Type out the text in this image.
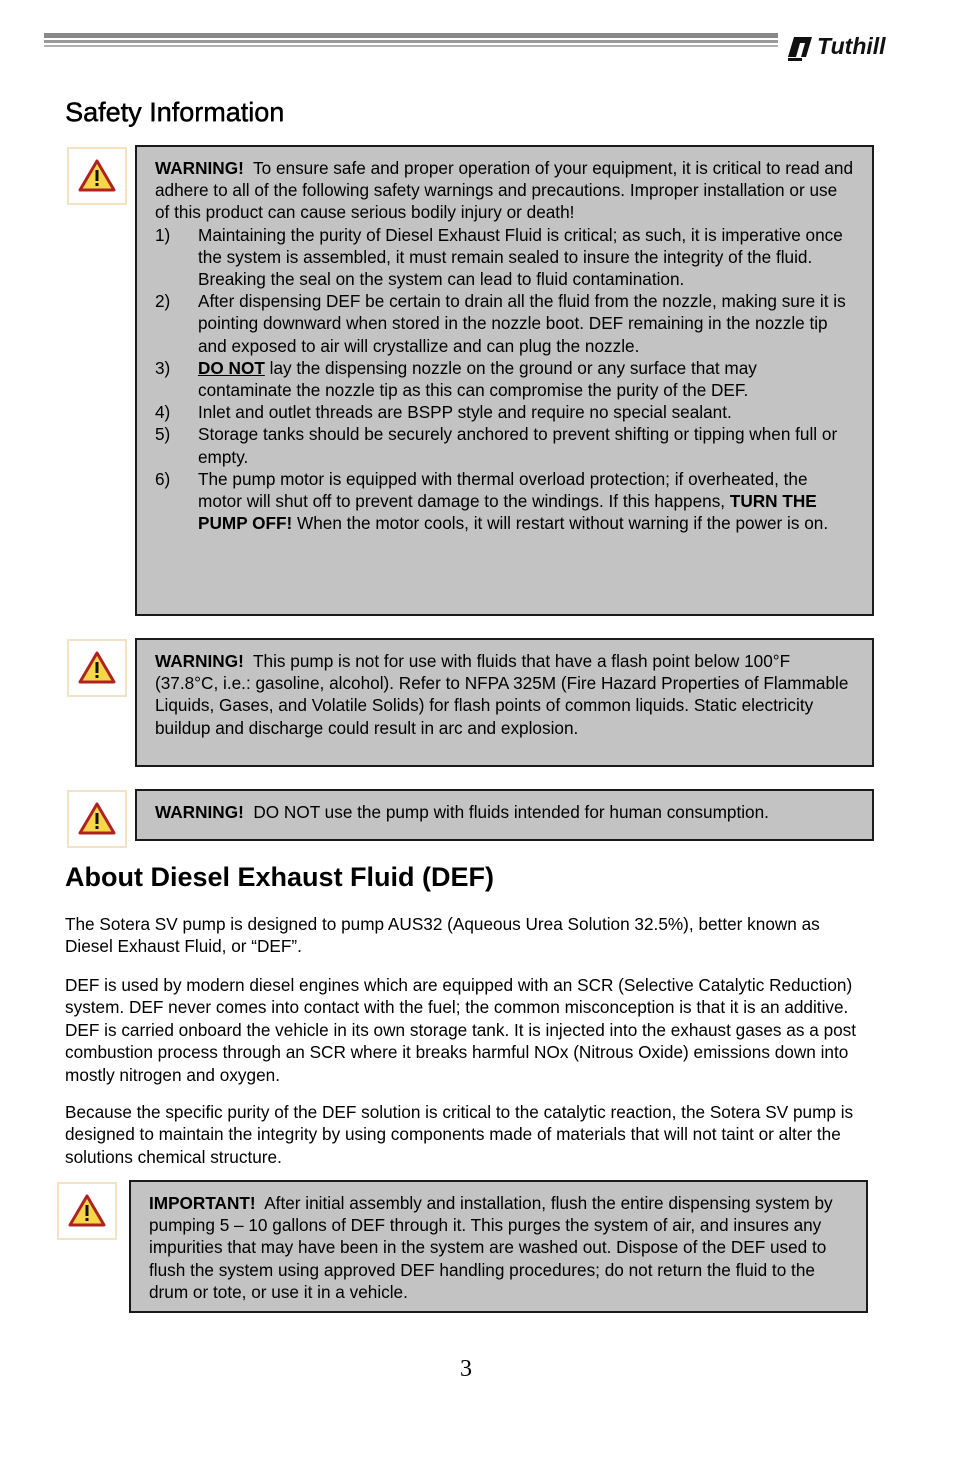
Tuthill
Safety Information

WARNING! To ensure safe and proper operation of your equipment, it is critical to read and adhere to all of the following safety warnings and precautions. Improper installation or use of this product can cause serious bodily injury or death!

1)	Maintaining the purity of Diesel Exhaust Fluid is critical; as such, it is imperative once the system is assembled, it must remain sealed to insure the integrity of the fluid. Breaking the seal on the system can lead to fluid contamination.
2)	After dispensing DEF be certain to drain all the fluid from the nozzle, making sure it is pointing downward when stored in the nozzle boot. DEF remaining in the nozzle tip and exposed to air will crystallize and can plug the nozzle.
3)	DO NOT lay the dispensing nozzle on the ground or any surface that may contaminate the nozzle tip as this can compromise the purity of the DEF.
4)	Inlet and outlet threads are BSPP style and require no special sealant.
5)	Storage tanks should be securely anchored to prevent shifting or tipping when full or empty.
6)	The pump motor is equipped with thermal overload protection; if overheated, the motor will shut off to prevent damage to the windings. If this happens, TURN THE PUMP OFF! When the motor cools, it will restart without warning if the power is on.

WARNING! This pump is not for use with fluids that have a flash point below 100°F (37.8°C, i.e.: gasoline, alcohol). Refer to NFPA 325M (Fire Hazard Properties of Flammable Liquids, Gases, and Volatile Solids) for flash points of common liquids. Static electricity buildup and discharge could result in arc and explosion.

WARNING! DO NOT use the pump with fluids intended for human consumption.

About Diesel Exhaust Fluid (DEF)

The Sotera SV pump is designed to pump AUS32 (Aqueous Urea Solution 32.5%), better known as Diesel Exhaust Fluid, or “DEF”.

DEF is used by modern diesel engines which are equipped with an SCR (Selective Catalytic Reduction) system. DEF never comes into contact with the fuel; the common misconception is that it is an additive. DEF is carried onboard the vehicle in its own storage tank. It is injected into the exhaust gases as a post combustion process through an SCR where it breaks harmful NOx (Nitrous Oxide) emissions down into mostly nitrogen and oxygen.

Because the specific purity of the DEF solution is critical to the catalytic reaction, the Sotera SV pump is designed to maintain the integrity by using components made of materials that will not taint or alter the solutions chemical structure.

IMPORTANT! After initial assembly and installation, flush the entire dispensing system by pumping 5 – 10 gallons of DEF through it. This purges the system of air, and insures any impurities that may have been in the system are washed out. Dispose of the DEF used to flush the system using approved DEF handling procedures; do not return the fluid to the drum or tote, or use it in a vehicle.

3
